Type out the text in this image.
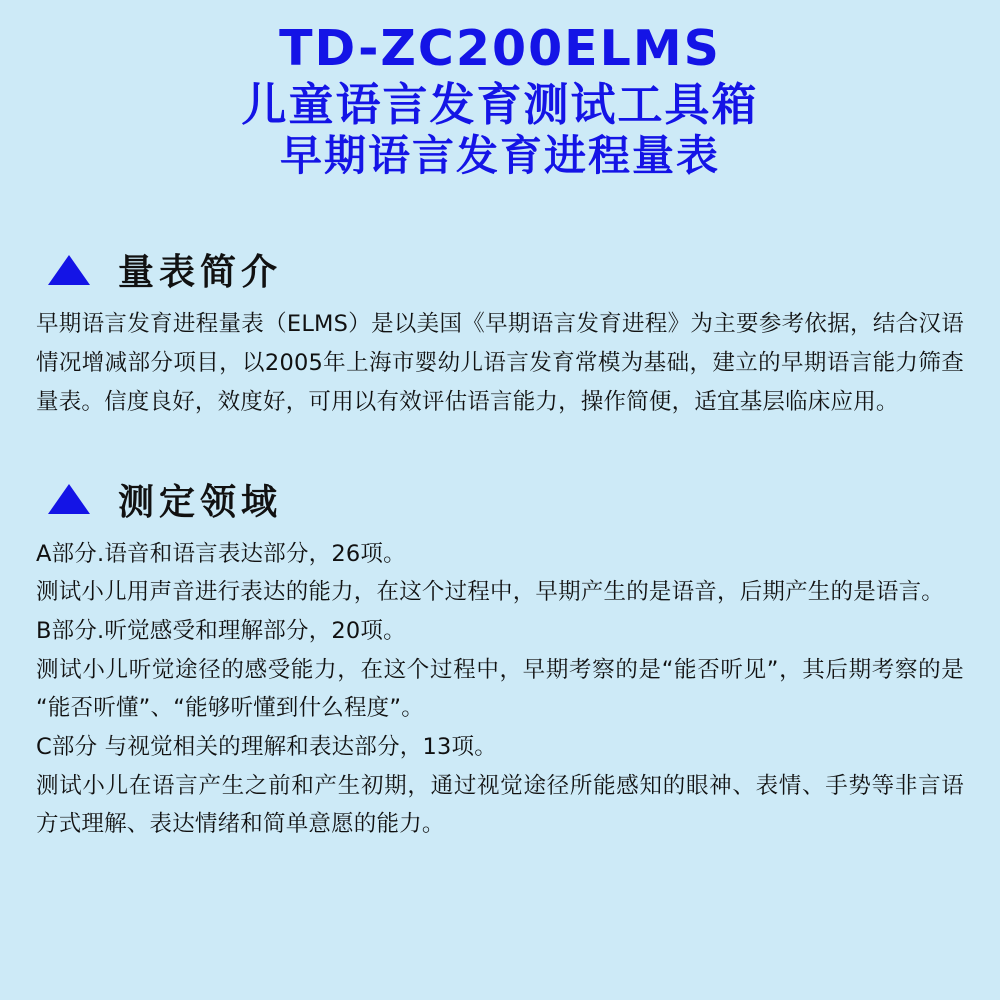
TD-ZC200ELMS
儿童语言发育测试工具箱
早期语言发育进程量表
量表简介

早期语言发育进程量表（ELMS）是以美国《早期语言发育进程》为主要参考依据，结合汉语情况增减部分项目，以2005年上海市婴幼儿语言发育常模为基础，建立的早期语言能力筛查量表。信度良好，效度好，可用以有效评估语言能力，操作简便，适宜基层临床应用。

测定领域

A部分.语音和语言表达部分，26项。

测试小儿用声音进行表达的能力，在这个过程中，早期产生的是语音，后期产生的是语言。

B部分.听觉感受和理解部分，20项。

测试小儿听觉途径的感受能力，在这个过程中，早期考察的是“能否听见”，其后期考察的是“能否听懂”、“能够听懂到什么程度”。

C部分 与视觉相关的理解和表达部分，13项。

测试小儿在语言产生之前和产生初期，通过视觉途径所能感知的眼神、表情、手势等非言语方式理解、表达情绪和简单意愿的能力。
